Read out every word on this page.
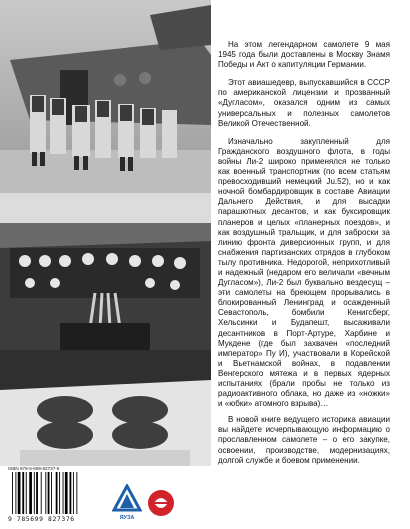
На этом легендарном самолете 9 мая 1945 года были доставлены в Москву Знамя Победы и Акт о капитуляции Германии.

Этот авиашедевр, выпускавшийся в СССР по американской лицензии и прозванный «Дугласом», оказался одним из самых универсальных и полезных самолетов Великой Отечественной.

Изначально закупленный для Гражданского воздушного флота, в годы войны Ли-2 широко применялся не только как военный транспортник (по всем статьям превосходивший немецкий Ju.52), но и как ночной бомбардировщик в составе Авиации Дальнего Действия, и для высадки парашютных десантов, и как буксировщик планеров и целых «планерных поездов», и как воздушный тральщик, и для заброски за линию фронта диверсионных групп, и для снабжения партизанских отрядов в глубоком тылу противника. Недорогой, неприхотливый и надежный (недаром его величали «вечным Дугласом»), Ли-2 был буквально вездесущ – эти самолеты на бреющем прорывались в блокированный Ленинград и осажденный Севастополь, бомбили Кенигсберг, Хельсинки и Будапешт, высаживали десантников в Порт-Артуре, Харбине и Мукдене (где был захвачен «последний император» Пу И), участвовали в Корейской и Вьетнамской войнах, в подавлении Венгерского мятежа и в первых ядерных испытаниях (брали пробы не только из радиоактивного облака, но даже из «ножки» и «юбки» атомного взрыва)…

В новой книге ведущего историка авиации вы найдете исчерпывающую информацию о прославленном самолете – о его закупке, освоении, производстве, модернизациях, долгой службе и боевом применении.

ISBN 978-5-699-82737-6
9 785699 827376	ЯУЗА
